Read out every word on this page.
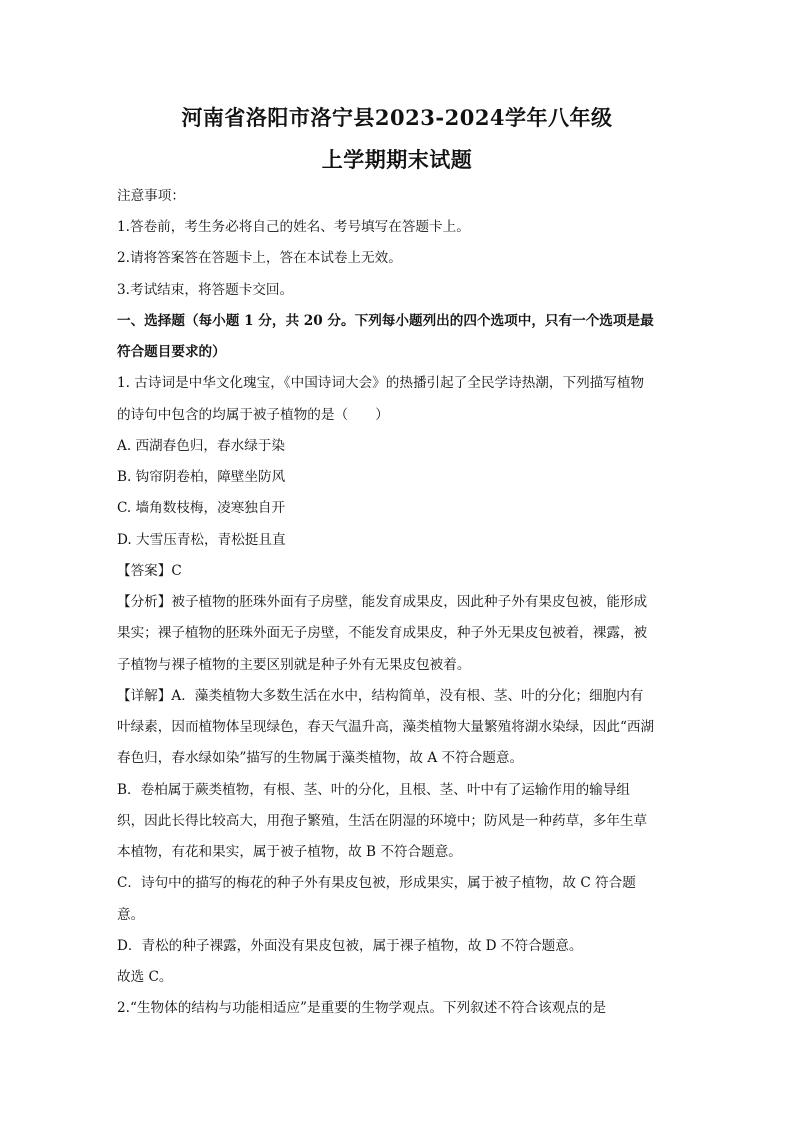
河南省洛阳市洛宁县2023-2024学年八年级
上学期期末试题
注意事项：
1.答卷前，考生务必将自己的姓名、考号填写在答题卡上。
2.请将答案答在答题卡上，答在本试卷上无效。
3.考试结束，将答题卡交回。
一、选择题（每小题 1 分，共 20 分。下列每小题列出的四个选项中，只有一个选项是最
符合题目要求的）
1. 古诗词是中华文化瑰宝，《中国诗词大会》的热播引起了全民学诗热潮，下列描写植物
的诗句中包含的均属于被子植物的是（　　）
A. 西湖春色归，春水绿于染
B. 钩帘阴卷柏，障壁坐防风
C. 墙角数枝梅，凌寒独自开
D. 大雪压青松，青松挺且直
【答案】C
【分析】被子植物的胚珠外面有子房壁，能发育成果皮，因此种子外有果皮包被，能形成
果实；裸子植物的胚珠外面无子房壁，不能发育成果皮，种子外无果皮包被着，裸露，被
子植物与裸子植物的主要区别就是种子外有无果皮包被着。
【详解】A．藻类植物大多数生活在水中，结构简单，没有根、茎、叶的分化；细胞内有
叶绿素，因而植物体呈现绿色，春天气温升高，藻类植物大量繁殖将湖水染绿，因此“西湖
春色归，春水绿如染”描写的生物属于藻类植物，故 A 不符合题意。
B．卷柏属于蕨类植物，有根、茎、叶的分化，且根、茎、叶中有了运输作用的输导组
织，因此长得比较高大，用孢子繁殖，生活在阴湿的环境中；防风是一种药草，多年生草
本植物，有花和果实，属于被子植物，故 B 不符合题意。
C．诗句中的描写的梅花的种子外有果皮包被，形成果实，属于被子植物，故 C 符合题
意。
D．青松的种子裸露，外面没有果皮包被，属于裸子植物，故 D 不符合题意。
故选 C。
2.“生物体的结构与功能相适应”是重要的生物学观点。下列叙述不符合该观点的是
